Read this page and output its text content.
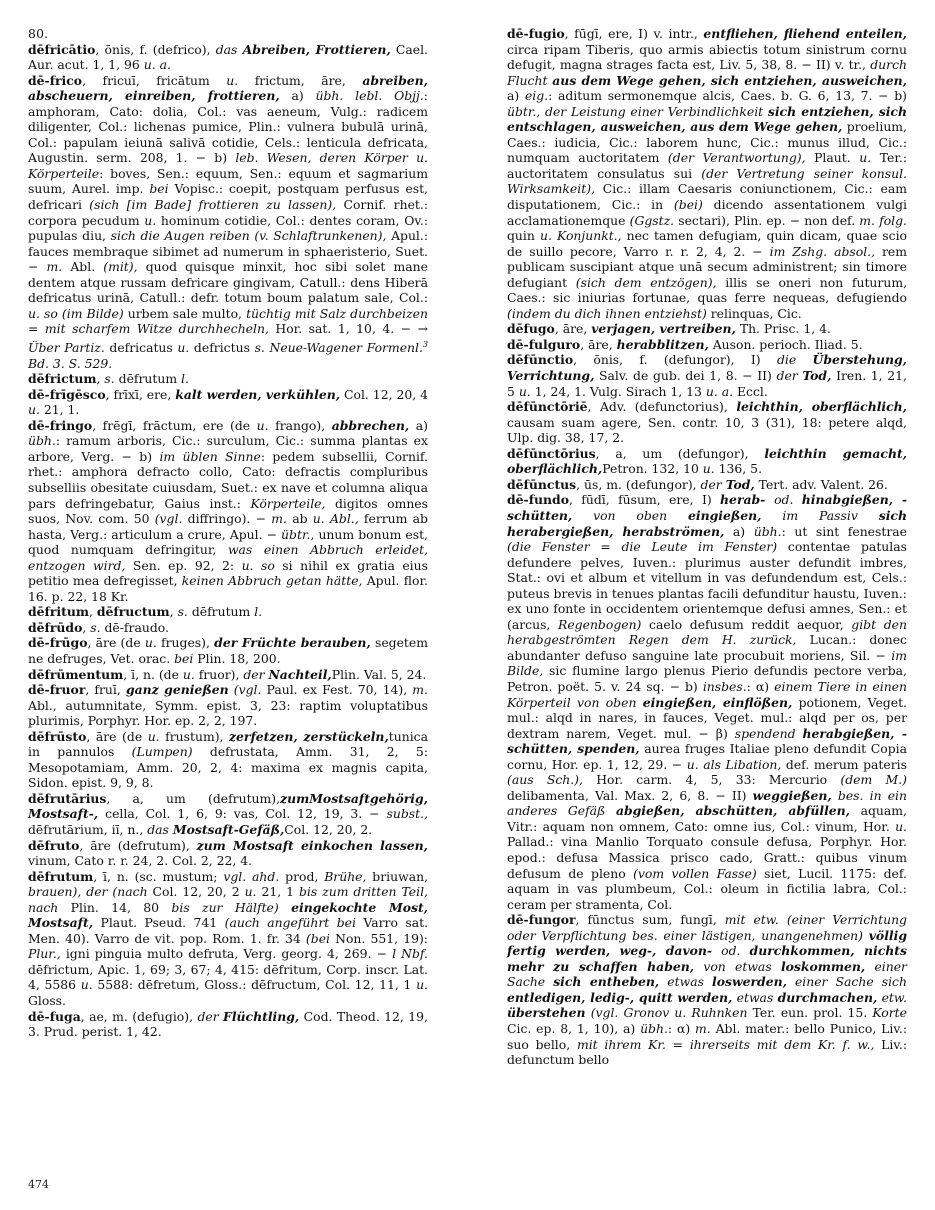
80.

dēfricātio, ōnis, f. (defrico), das Abreiben, Frottieren, Cael. Aur. acut. 1, 1, 96 u. a.

dē-frico, fricuī, fricātum u. frictum, āre, abreiben, abscheuern, einreiben, frottieren, a) übh. lebl. Objj.: amphoram, Cato: dolia, Col.: vas aeneum, Vulg.: radicem diligenter, Col.: lichenas pumice, Plin.: vulnera bubulā urinā, Col.: papulam ieiunā salivā cotidie, Cels.: lenticula defricata, Augustin. serm. 208, 1. − b) leb. Wesen, deren Körper u. Körperteile: boves, Sen.: equum, Sen.: equum et sagmarium suum, Aurel. imp. bei Vopisc.: coepit, postquam perfusus est, defricari (sich [im Bade] frottieren zu lassen), Cornif. rhet.: corpora pecudum u. hominum cotidie, Col.: dentes coram, Ov.: pupulas diu, sich die Augen reiben (v. Schlaftrunkenen), Apul.: fauces membraque sibimet ad numerum in sphaeristerio, Suet. − m. Abl. (mit), quod quisque minxit, hoc sibi solet mane dentem atque russam defricare gingivam, Catull.: dens Hiberā defricatus urinā, Catull.: defr. totum boum palatum sale, Col.: u. so (im Bilde) urbem sale multo, tüchtig mit Salz durchbeizen = mit scharfem Witze durchhecheln, Hor. sat. 1, 10, 4. − → Über Partiz. defricatus u. defrictus s. Neue-Wagener Formenl.$^3$ Bd. 3. S. 529.

dēfrictum, s. dēfrutum l.

dē-frīgēsco, frīxī, ere, kalt werden, verkühlen, Col. 12, 20, 4 u. 21, 1.

dē-fringo, frēgī, frāctum, ere (de u. frango), abbrechen, a) übh.: ramum arboris, Cic.: surculum, Cic.: summa plantas ex arbore, Verg. − b) im üblen Sinne: pedem subsellii, Cornif. rhet.: amphora defracto collo, Cato: defractis compluribus subselliis obesitate cuiusdam, Suet.: ex nave et columna aliqua pars defringebatur, Gaius inst.: Körperteile, digitos omnes suos, Nov. com. 50 (vgl. diffringo). − m. ab u. Abl., ferrum ab hasta, Verg.: articulum a crure, Apul. − übtr., unum bonum est, quod numquam defringitur, was einen Abbruch erleidet, entzogen wird, Sen. ep. 92, 2: u. so si nihil ex gratia eius petitio mea defregisset, keinen Abbruch getan hätte, Apul. flor. 16. p. 22, 18 Kr.

dēfritum, dēfructum, s. dēfrutum l.

dēfrūdo, s. dē-fraudo.

dē-frūgo, āre (de u. fruges), der Früchte berauben, segetem ne defruges, Vet. orac. bei Plin. 18, 200.

dēfrūmentum, ī, n. (de u. fruor), der Nachteil,Plin. Val. 5, 24.

dē-fruor, fruī, ganz genießen (vgl. Paul. ex Fest. 70, 14), m. Abl., autumnitate, Symm. epist. 3, 23: raptim voluptatibus plurimis, Porphyr. Hor. ep. 2, 2, 197.

dēfrūsto, āre (de u. frustum), zerfetzen, zerstückeln,tunica in pannulos (Lumpen) defrustata, Amm. 31, 2, 5: Mesopotamiam, Amm. 20, 2, 4: maxima ex magnis capita, Sidon. epist. 9, 9, 8.

dēfrutārius, a, um (defrutum),zumMostsaftgehörig, Mostsaft-, cella, Col. 1, 6, 9: vas, Col. 12, 19, 3. − subst., dēfrutārium, iī, n., das Mostsaft-Gefäß,Col. 12, 20, 2.

dēfruto, āre (defrutum), zum Mostsaft einkochen lassen, vinum, Cato r. r. 24, 2. Col. 2, 22, 4.

dēfrutum, ī, n. (sc. mustum; vgl. ahd. prod, Brühe, briuwan, brauen), der (nach Col. 12, 20, 2 u. 21, 1 bis zum dritten Teil, nach Plin. 14, 80 bis zur Hälfte) eingekochte Most, Mostsaft, Plaut. Pseud. 741 (auch angeführt bei Varro sat. Men. 40). Varro de vit. pop. Rom. 1. fr. 34 (bei Non. 551, 19): Plur., igni pinguia multo defruta, Verg. georg. 4, 269. − l Nbf. dēfrictum, Apic. 1, 69; 3, 67; 4, 415: dēfritum, Corp. inscr. Lat. 4, 5586 u. 5588: dēfretum, Gloss.: dēfructum, Col. 12, 11, 1 u. Gloss.

dē-fuga, ae, m. (defugio), der Flüchtling, Cod. Theod. 12, 19, 3. Prud. perist. 1, 42.

dē-fugio, fūgī, ere, I) v. intr., entfliehen, fliehend enteilen, circa ripam Tiberis, quo armis abiectis totum sinistrum cornu defugit, magna strages facta est, Liv. 5, 38, 8. − II) v. tr., durch Flucht aus dem Wege gehen, sich entziehen, ausweichen, a) eig.: aditum sermonemque alcis, Caes. b. G. 6, 13, 7. − b) übtr., der Leistung einer Verbindlichkeit sich entziehen, sich entschlagen, ausweichen, aus dem Wege gehen, proelium, Caes.: iudicia, Cic.: laborem hunc, Cic.: munus illud, Cic.: numquam auctoritatem (der Verantwortung), Plaut. u. Ter.: auctoritatem consulatus sui (der Vertretung seiner konsul. Wirksamkeit), Cic.: illam Caesaris coniunctionem, Cic.: eam disputationem, Cic.: in (bei) dicendo assentationem vulgi acclamationemque (Ggstz. sectari), Plin. ep. − non def. m. folg. quin u. Konjunkt., nec tamen defugiam, quin dicam, quae scio de suillo pecore, Varro r. r. 2, 4, 2. − im Zshg. absol., rem publicam suscipiant atque unā secum administrent; sin timore defugiant (sich dem entzögen), illis se oneri non futurum, Caes.: sic iniurias fortunae, quas ferre nequeas, defugiendo (indem du dich ihnen entziehst) relinquas, Cic.

dēfugo, āre, verjagen, vertreiben, Th. Prisc. 1, 4.

dē-fulguro, āre, herabblitzen, Auson. perioch. Iliad. 5.

dēfūnctio, ōnis, f. (defungor), I) die Überstehung, Verrichtung, Salv. de gub. dei 1, 8. − II) der Tod, Iren. 1, 21, 5 u. 1, 24, 1. Vulg. Sirach 1, 13 u. a. Eccl.

dēfūnctōriē, Adv. (defunctorius), leichthin, oberflächlich, causam suam agere, Sen. contr. 10, 3 (31), 18: petere alqd, Ulp. dig. 38, 17, 2.

dēfūnctōrius, a, um (defungor), leichthin gemacht, oberflächlich,Petron. 132, 10 u. 136, 5.

dēfūnctus, ūs, m. (defungor), der Tod, Tert. adv. Valent. 26.

dē-fundo, fūdī, fūsum, ere, I) herab- od. hinabgießen, -schütten, von oben eingießen, im Passiv sich herabergießen, herabströmen, a) übh.: ut sint fenestrae (die Fenster = die Leute im Fenster) contentae patulas defundere pelves, Iuven.: plurimus auster defundit imbres, Stat.: ovi et album et vitellum in vas defundendum est, Cels.: puteus brevis in tenues plantas facili defunditur haustu, Iuven.: ex uno fonte in occidentem orientemque defusi amnes, Sen.: et (arcus, Regenbogen) caelo defusum reddit aequor, gibt den herabgeströmten Regen dem H. zurück, Lucan.: donec abundanter defuso sanguine late procubuit moriens, Sil. − im Bilde, sic flumine largo plenus Pierio defundis pectore verba, Petron. poët. 5. v. 24 sq. − b) insbes.: α) einem Tiere in einen Körperteil von oben eingießen, einflößen, potionem, Veget. mul.: alqd in nares, in fauces, Veget. mul.: alqd per os, per dextram narem, Veget. mul. − β) spendend herabgießen, -schütten, spenden, aurea fruges Italiae pleno defundit Copia cornu, Hor. ep. 1, 12, 29. − u. als Libation, def. merum pateris (aus Sch.), Hor. carm. 4, 5, 33: Mercurio (dem M.) delibamenta, Val. Max. 2, 6, 8. − II) weggießen, bes. in ein anderes Gefäß abgießen, abschütten, abfüllen, aquam, Vitr.: aquam non omnem, Cato: omne ius, Col.: vinum, Hor. u. Pallad.: vina Manlio Torquato consule defusa, Porphyr. Hor. epod.: defusa Massica prisco cado, Gratt.: quibus vinum defusum de pleno (vom vollen Fasse) siet, Lucil. 1175: def. aquam in vas plumbeum, Col.: oleum in fictilia labra, Col.: ceram per stramenta, Col.

dē-fungor, fūnctus sum, fungī, mit etw. (einer Verrichtung oder Verpflichtung bes. einer lästigen, unangenehmen) völlig fertig werden, weg-, davon- od. durchkommen, nichts mehr zu schaffen haben, von etwas loskommen, einer Sache sich entheben, etwas loswerden, einer Sache sich entledigen, ledig-, quitt werden, etwas durchmachen, etw. überstehen (vgl. Gronov u. Ruhnken Ter. eun. prol. 15. Korte Cic. ep. 8, 1, 10), a) übh.: α) m. Abl. mater.: bello Punico, Liv.: suo bello, mit ihrem Kr. = ihrerseits mit dem Kr. f. w., Liv.: defunctum bello

474
